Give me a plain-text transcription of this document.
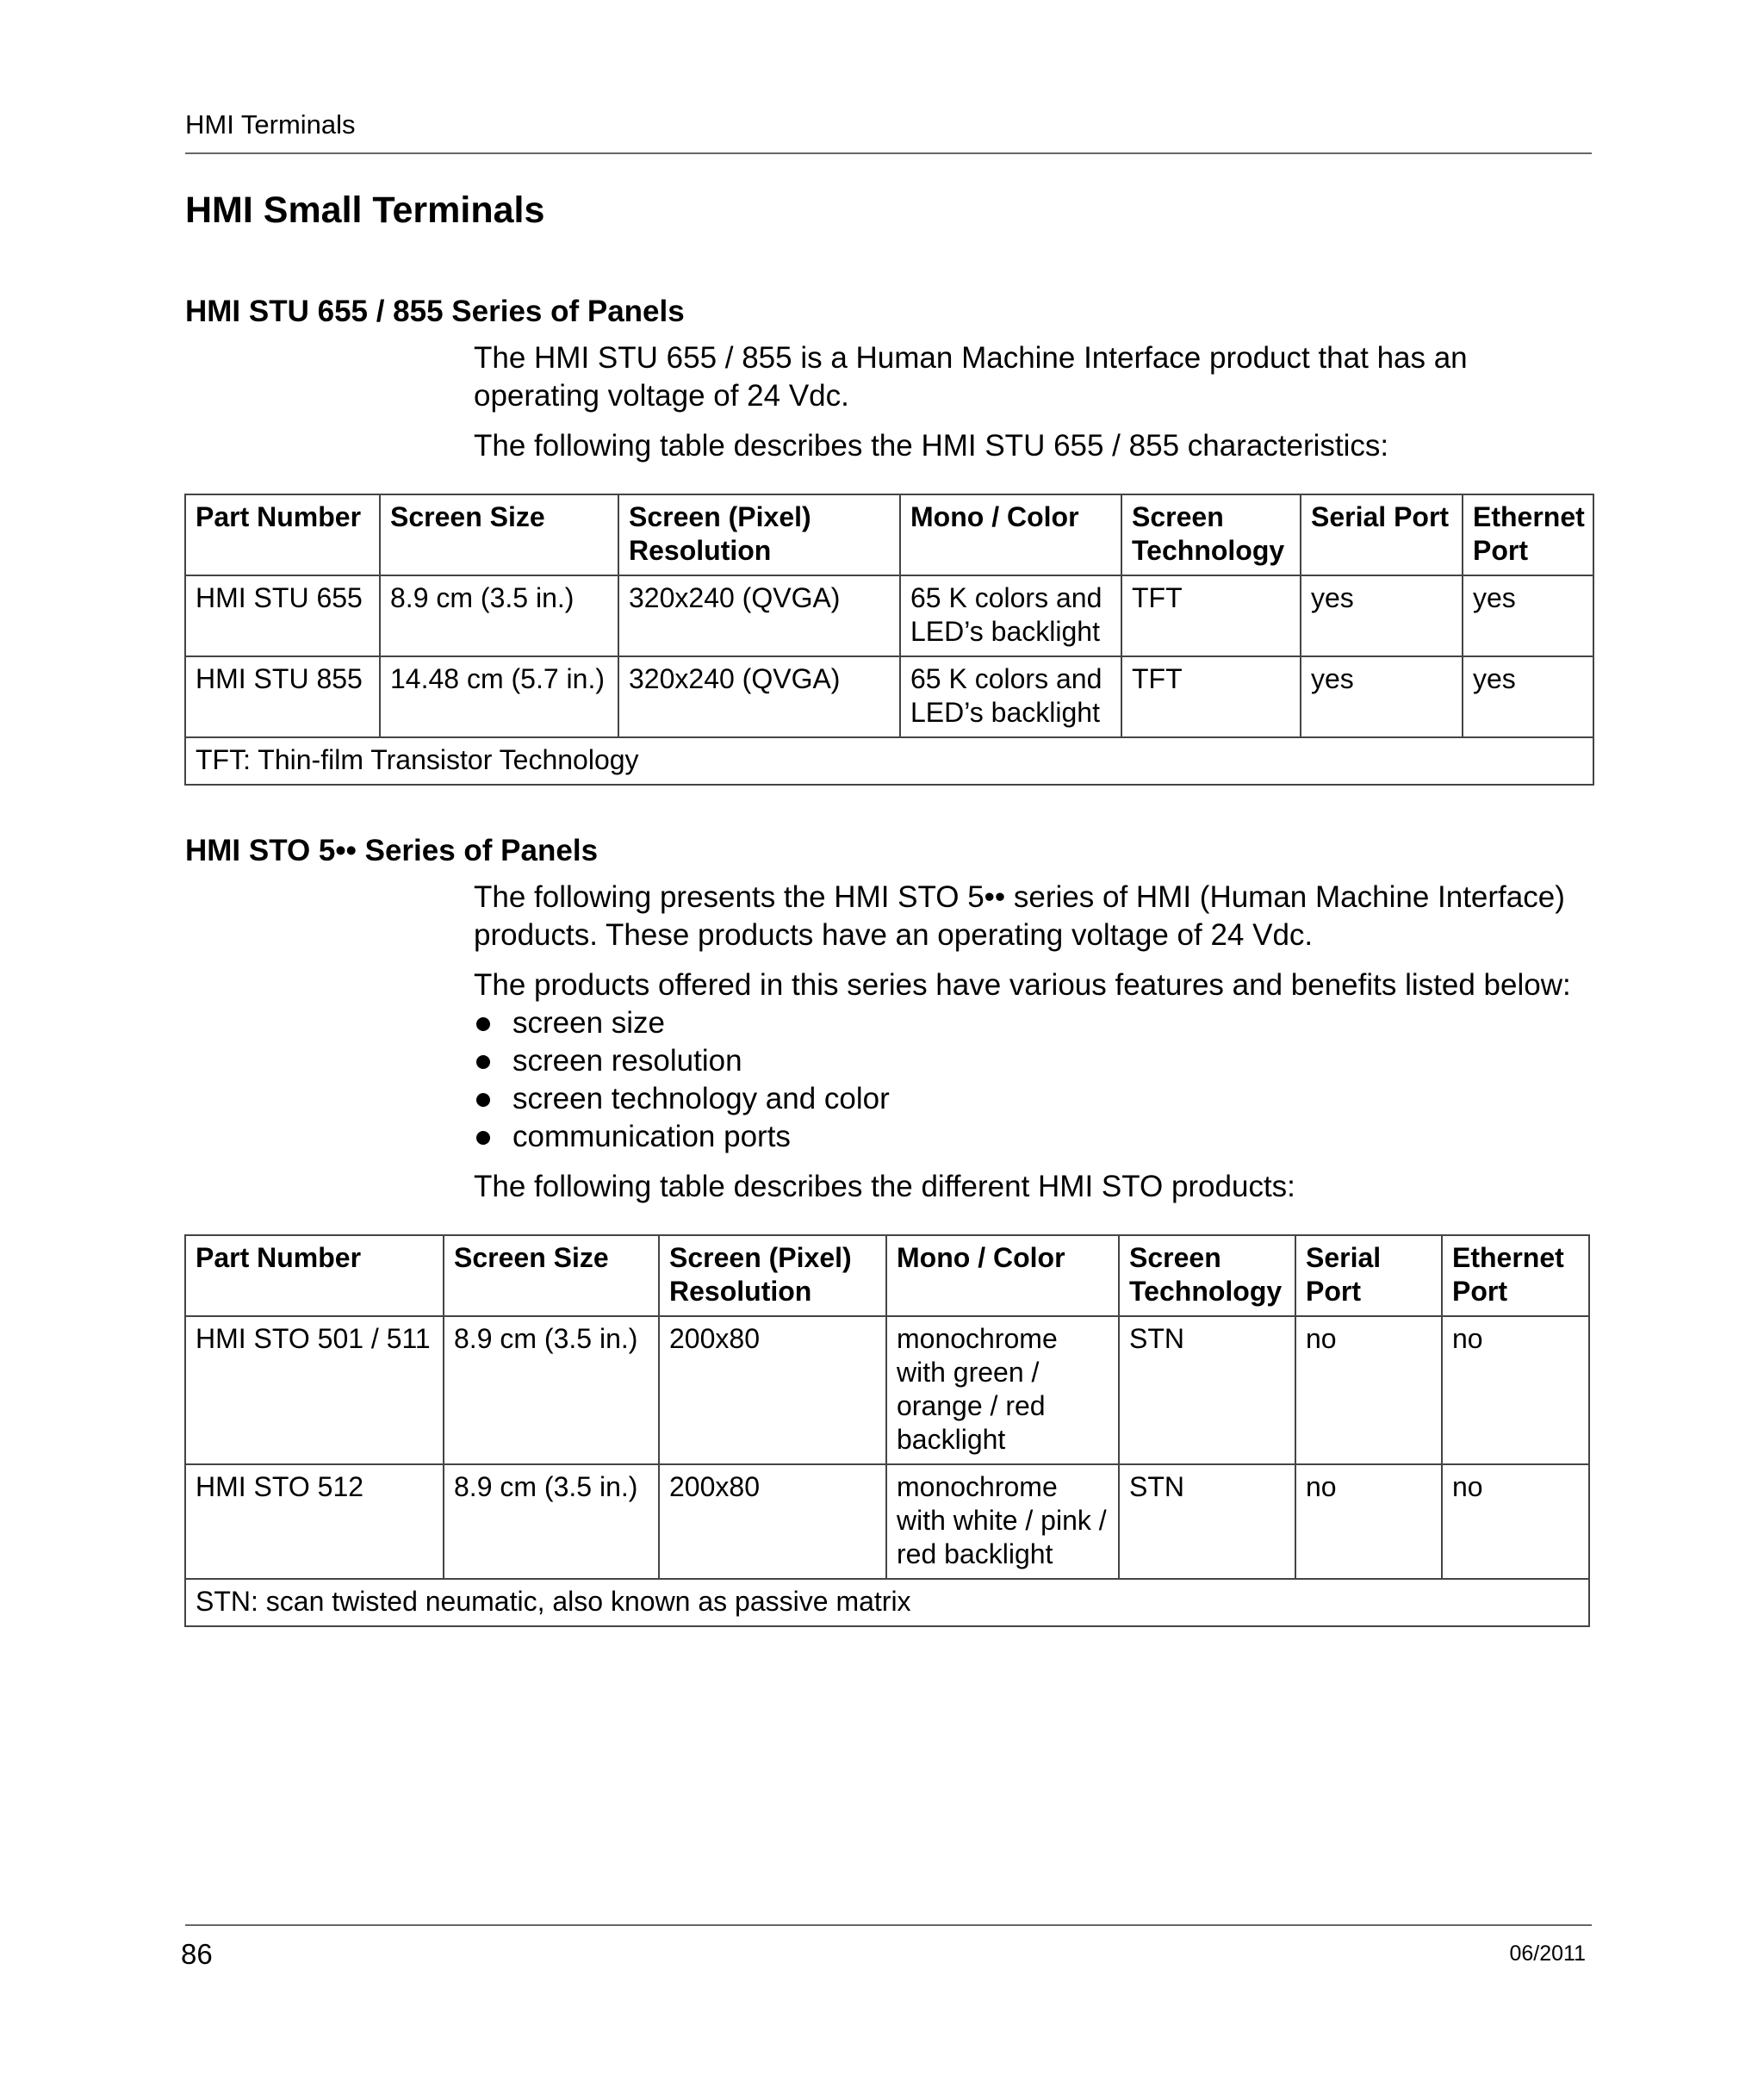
HMI Terminals
HMI Small Terminals
HMI STU 655 / 855 Series of Panels

The HMI STU 655 / 855 is a Human Machine Interface product that has an operating voltage of 24 Vdc.

The following table describes the HMI STU 655 / 855 characteristics:

Part Number	Screen Size	Screen (Pixel) Resolution	Mono / Color	Screen Technology	Serial Port	Ethernet Port
HMI STU 655	8.9 cm (3.5 in.)	320x240 (QVGA)	65 K colors and LED’s backlight	TFT	yes	yes
HMI STU 855	14.48 cm (5.7 in.)	320x240 (QVGA)	65 K colors and LED’s backlight	TFT	yes	yes
TFT: Thin-film Transistor Technology						
HMI STO 5•• Series of Panels

The following presents the HMI STO 5•• series of HMI (Human Machine Interface) products. These products have an operating voltage of 24 Vdc.

The products offered in this series have various features and benefits listed below:

screen size
screen resolution
screen technology and color
communication ports

The following table describes the different HMI STO products:

Part Number	Screen Size	Screen (Pixel) Resolution	Mono / Color	Screen Technology	Serial Port	Ethernet Port
HMI STO 501 / 511	8.9 cm (3.5 in.)	200x80	monochrome with green / orange / red backlight	STN	no	no
HMI STO 512	8.9 cm (3.5 in.)	200x80	monochrome with white / pink / red backlight	STN	no	no
STN: scan twisted neumatic, also known as passive matrix						
86	06/2011
